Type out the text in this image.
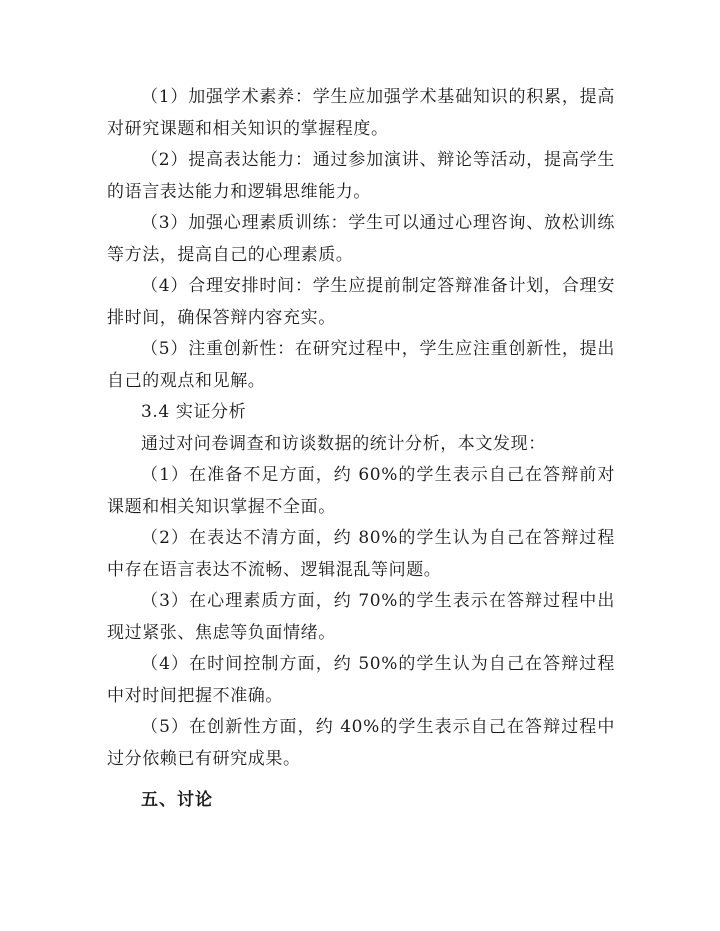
（1）加强学术素养：学生应加强学术基础知识的积累，提高对研究课题和相关知识的掌握程度。

（2）提高表达能力：通过参加演讲、辩论等活动，提高学生的语言表达能力和逻辑思维能力。

（3）加强心理素质训练：学生可以通过心理咨询、放松训练等方法，提高自己的心理素质。

（4）合理安排时间：学生应提前制定答辩准备计划，合理安排时间，确保答辩内容充实。

（5）注重创新性：在研究过程中，学生应注重创新性，提出自己的观点和见解。

3.4 实证分析

通过对问卷调查和访谈数据的统计分析，本文发现：

（1）在准备不足方面，约 60%的学生表示自己在答辩前对课题和相关知识掌握不全面。

（2）在表达不清方面，约 80%的学生认为自己在答辩过程中存在语言表达不流畅、逻辑混乱等问题。

（3）在心理素质方面，约 70%的学生表示在答辩过程中出现过紧张、焦虑等负面情绪。

（4）在时间控制方面，约 50%的学生认为自己在答辩过程中对时间把握不准确。

（5）在创新性方面，约 40%的学生表示自己在答辩过程中过分依赖已有研究成果。

五、讨论
